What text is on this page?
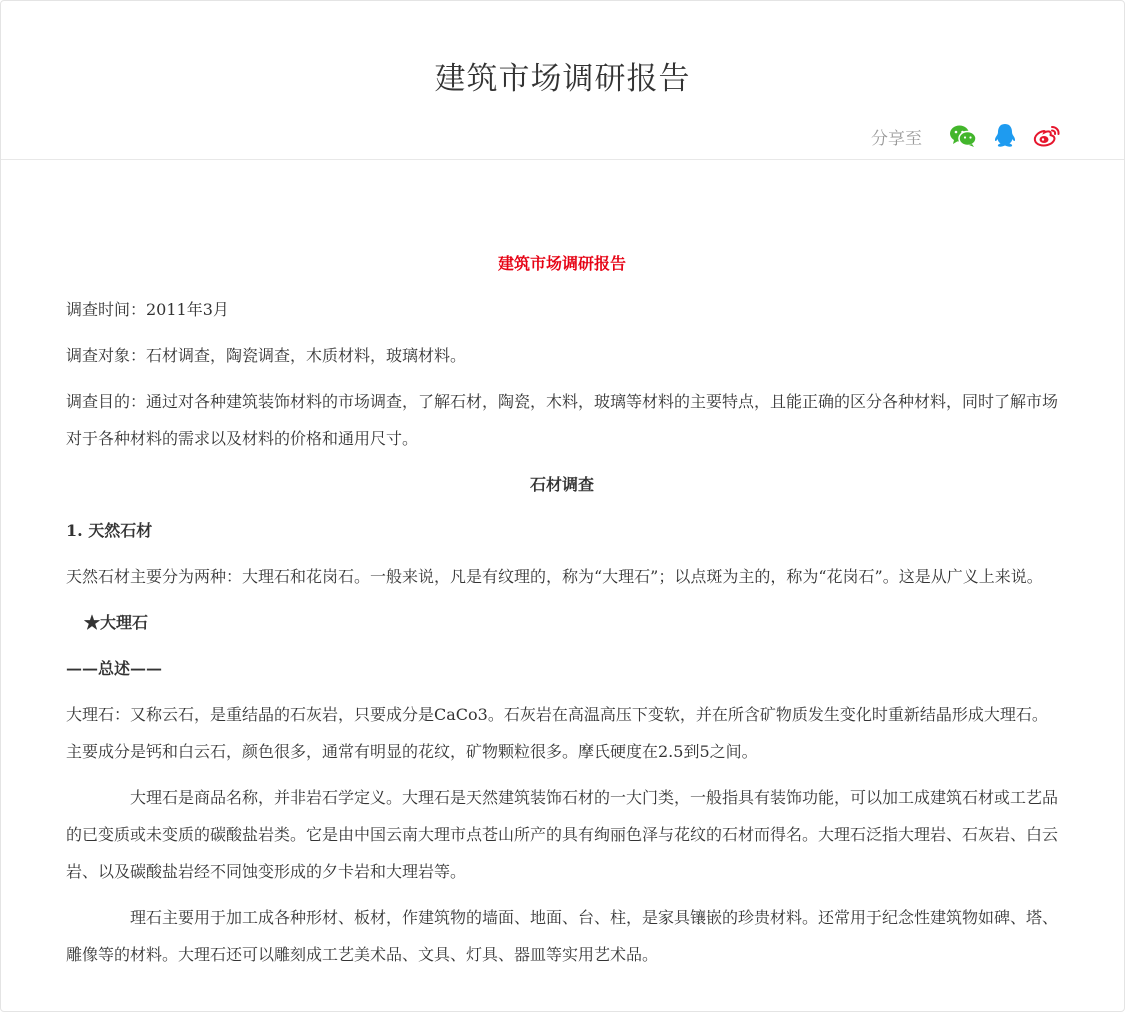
建筑市场调研报告
分享至

建筑市场调研报告

调查时间：2011年3月

调查对象：石材调查，陶瓷调查，木质材料，玻璃材料。

调查目的：通过对各种建筑装饰材料的市场调查，了解石材，陶瓷，木料，玻璃等材料的主要特点，且能正确的区分各种材料，同时了解市场对于各种材料的需求以及材料的价格和通用尺寸。

石材调查

1. 天然石材

天然石材主要分为两种：大理石和花岗石。一般来说，凡是有纹理的，称为“大理石”；以点斑为主的，称为“花岗石”。这是从广义上来说。

★大理石

——总述——

大理石：又称云石，是重结晶的石灰岩，只要成分是CaCo3。石灰岩在高温高压下变软，并在所含矿物质发生变化时重新结晶形成大理石。主要成分是钙和白云石，颜色很多，通常有明显的花纹，矿物颗粒很多。摩氏硬度在2.5到5之间。

大理石是商品名称，并非岩石学定义。大理石是天然建筑装饰石材的一大门类，一般指具有装饰功能，可以加工成建筑石材或工艺品的已变质或未变质的碳酸盐岩类。它是由中国云南大理市点苍山所产的具有绚丽色泽与花纹的石材而得名。大理石泛指大理岩、石灰岩、白云岩、以及碳酸盐岩经不同蚀变形成的夕卡岩和大理岩等。

理石主要用于加工成各种形材、板材，作建筑物的墙面、地面、台、柱，是家具镶嵌的珍贵材料。还常用于纪念性建筑物如碑、塔、雕像等的材料。大理石还可以雕刻成工艺美术品、文具、灯具、器皿等实用艺术品。
